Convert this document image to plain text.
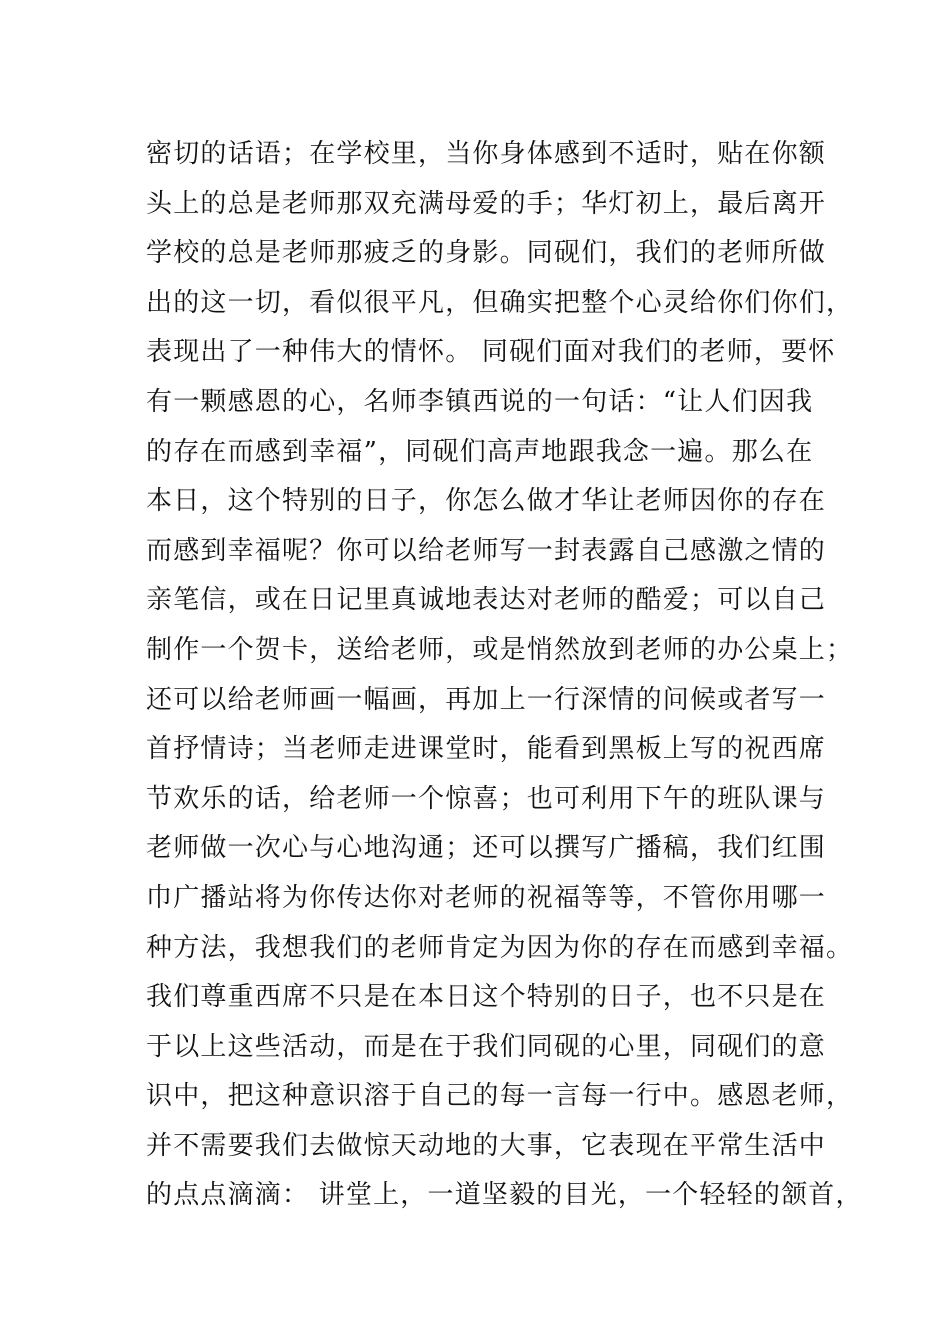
密切的话语；在学校里，当你身体感到不适时，贴在你额
头上的总是老师那双充满母爱的手；华灯初上，最后离开
学校的总是老师那疲乏的身影。同砚们，我们的老师所做
出的这一切，看似很平凡，但确实把整个心灵给你们你们，
表现出了一种伟大的情怀。 同砚们面对我们的老师，要怀
有一颗感恩的心，名师李镇西说的一句话：“让人们因我
的存在而感到幸福”，同砚们高声地跟我念一遍。那么在
本日，这个特别的日子，你怎么做才华让老师因你的存在
而感到幸福呢？你可以给老师写一封表露自己感激之情的
亲笔信，或在日记里真诚地表达对老师的酷爱；可以自己
制作一个贺卡，送给老师，或是悄然放到老师的办公桌上；
还可以给老师画一幅画，再加上一行深情的问候或者写一
首抒情诗；当老师走进课堂时，能看到黑板上写的祝西席
节欢乐的话，给老师一个惊喜；也可利用下午的班队课与
老师做一次心与心地沟通；还可以撰写广播稿，我们红围
巾广播站将为你传达你对老师的祝福等等，不管你用哪一
种方法，我想我们的老师肯定为因为你的存在而感到幸福。
我们尊重西席不只是在本日这个特别的日子，也不只是在
于以上这些活动，而是在于我们同砚的心里，同砚们的意
识中，把这种意识溶于自己的每一言每一行中。感恩老师，
并不需要我们去做惊天动地的大事，它表现在平常生活中
的点点滴滴： 讲堂上，一道坚毅的目光，一个轻轻的颔首，
